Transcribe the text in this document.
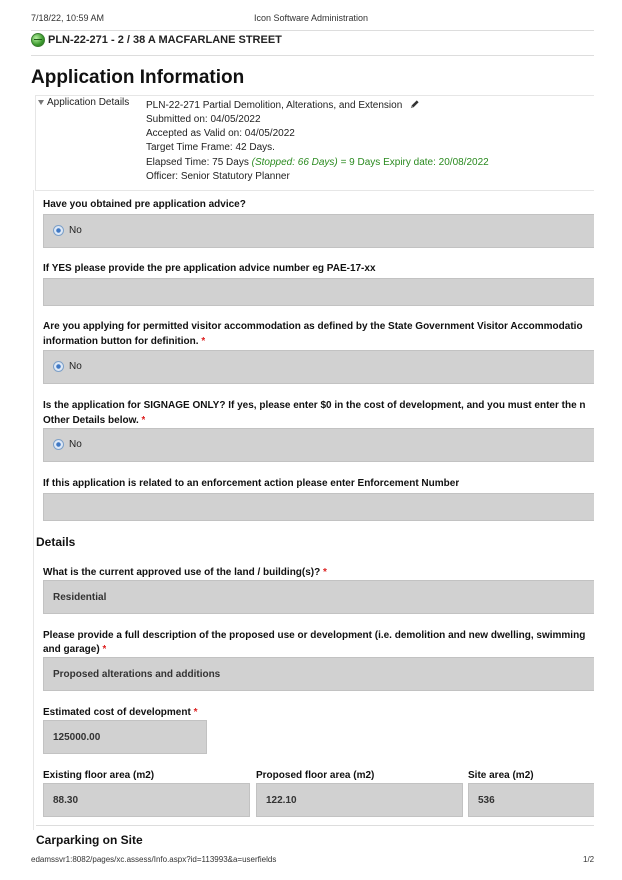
7/18/22, 10:59 AM	Icon Software Administration
PLN-22-271 - 2 / 38 A MACFARLANE STREET
Application Information
Application Details PLN-22-271 Partial Demolition, Alterations, and Extension
Submitted on: 04/05/2022
Accepted as Valid on: 04/05/2022
Target Time Frame: 42 Days.
Elapsed Time: 75 Days (Stopped: 66 Days) = 9 Days Expiry date: 20/08/2022
Officer: Senior Statutory Planner
Have you obtained pre application advice?
No
If YES please provide the pre application advice number eg PAE-17-xx
Are you applying for permitted visitor accommodation as defined by the State Government Visitor Accommodatio
information button for definition. *
No
Is the application for SIGNAGE ONLY? If yes, please enter $0 in the cost of development, and you must enter the n
Other Details below. *
No
If this application is related to an enforcement action please enter Enforcement Number
Details
What is the current approved use of the land / building(s)? *
Residential
Please provide a full description of the proposed use or development (i.e. demolition and new dwelling, swimming
and garage) *
Proposed alterations and additions
Estimated cost of development *
125000.00
Existing floor area (m2)
88.30
Proposed floor area (m2)
122.10
Site area (m2)
536
Carparking on Site
edamssvr1:8082/pages/xc.assess/Info.aspx?id=113993&a=userfields	1/2
